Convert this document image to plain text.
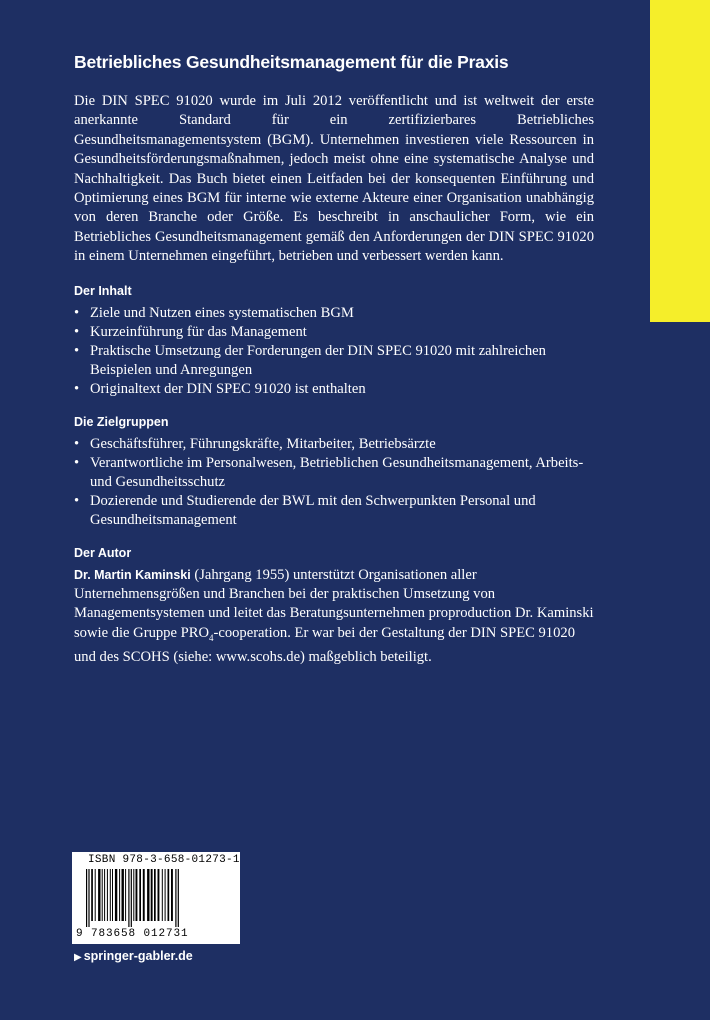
Betriebliches Gesundheitsmanagement für die Praxis

Die DIN SPEC 91020 wurde im Juli 2012 veröffentlicht und ist weltweit der erste anerkannte Standard für ein zertifizierbares Betriebliches Gesundheitsmanagementsystem (BGM). Unternehmen investieren viele Ressourcen in Gesundheitsförderungsmaßnahmen, jedoch meist ohne eine systematische Analyse und Nachhaltigkeit. Das Buch bietet einen Leitfaden bei der konsequenten Einführung und Optimierung eines BGM für interne wie externe Akteure einer Organisation unabhängig von deren Branche oder Größe. Es beschreibt in anschaulicher Form, wie ein Betriebliches Gesundheitsmanagement gemäß den Anforderungen der DIN SPEC 91020 in einem Unternehmen eingeführt, betrieben und verbessert werden kann.

Der Inhalt
• Ziele und Nutzen eines systematischen BGM
• Kurzeinführung für das Management
• Praktische Umsetzung der Forderungen der DIN SPEC 91020 mit zahlreichen Beispielen und Anregungen
• Originaltext der DIN SPEC 91020 ist enthalten
Die Zielgruppen
• Geschäftsführer, Führungskräfte, Mitarbeiter, Betriebsärzte
• Verantwortliche im Personalwesen, Betrieblichen Gesundheitsmanagement, Arbeits- und Gesundheitsschutz
• Dozierende und Studierende der BWL mit den Schwerpunkten Personal und Gesundheitsmanagement
Der Autor

Dr. Martin Kaminski (Jahrgang 1955) unterstützt Organisationen aller Unternehmensgrößen und Branchen bei der praktischen Umsetzung von Managementsystemen und leitet das Beratungsunternehmen proproduction Dr. Kaminski sowie die Gruppe $PRO_4$-cooperation. Er war bei der Gestaltung der DIN SPEC 91020 und des SCOHS (siehe: www.scohs.de) maßgeblich beteiligt.

ISBN 978-3-658-01273-1
9 783658 012731
▶ springer-gabler.de
